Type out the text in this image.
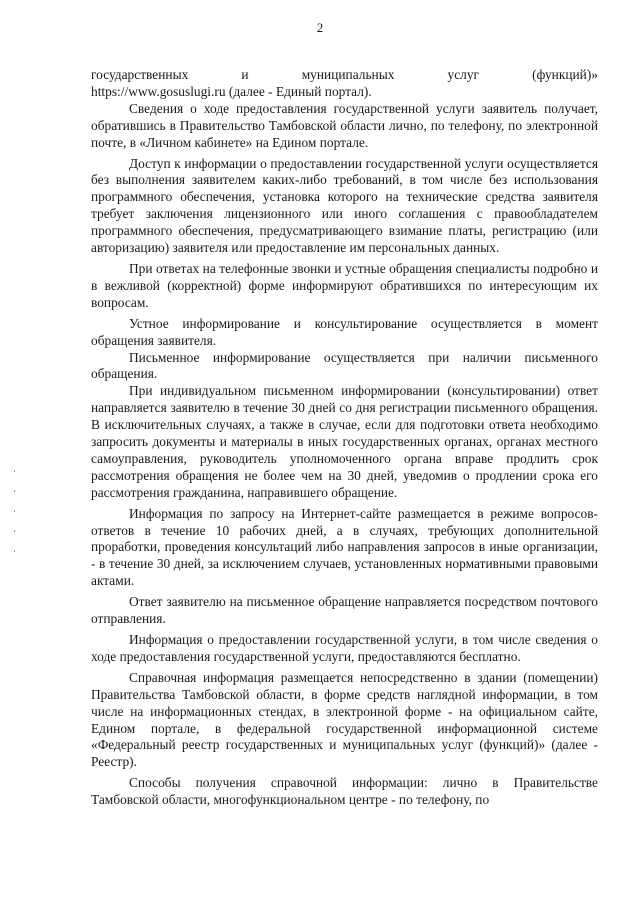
2

государственных и муниципальных услуг (функций)»

https://www.gosuslugi.ru (далее - Единый портал).

Сведения о ходе предоставления государственной услуги заявитель получает, обратившись в Правительство Тамбовской области лично, по телефону, по электронной почте, в «Личном кабинете» на Едином портале.

Доступ к информации о предоставлении государственной услуги осуществляется без выполнения заявителем каких-либо требований, в том числе без использования программного обеспечения, установка которого на технические средства заявителя требует заключения лицензионного или иного соглашения с правообладателем программного обеспечения, предусматривающего взимание платы, регистрацию (или авторизацию) заявителя или предоставление им персональных данных.

При ответах на телефонные звонки и устные обращения специалисты подробно и в вежливой (корректной) форме информируют обратившихся по интересующим их вопросам.

Устное информирование и консультирование осуществляется в момент обращения заявителя.

Письменное информирование осуществляется при наличии письменного обращения.

При индивидуальном письменном информировании (консультировании) ответ направляется заявителю в течение 30 дней со дня регистрации письменного обращения. В исключительных случаях, а также в случае, если для подготовки ответа необходимо запросить документы и материалы в иных государственных органах, органах местного самоуправления, руководитель уполномоченного органа вправе продлить срок рассмотрения обращения не более чем на 30 дней, уведомив о продлении срока его рассмотрения гражданина, направившего обращение.

Информация по запросу на Интернет-сайте размещается в режиме вопросов-ответов в течение 10 рабочих дней, а в случаях, требующих дополнительной проработки, проведения консультаций либо направления запросов в иные организации, - в течение 30 дней, за исключением случаев, установленных нормативными правовыми актами.

Ответ заявителю на письменное обращение направляется посредством почтового отправления.

Информация о предоставлении государственной услуги, в том числе сведения о ходе предоставления государственной услуги, предоставляются бесплатно.

Справочная информация размещается непосредственно в здании (помещении) Правительства Тамбовской области, в форме средств наглядной информации, в том числе на информационных стендах, в электронной форме - на официальном сайте, Едином портале, в федеральной государственной информационной системе «Федеральный реестр государственных и муниципальных услуг (функций)» (далее - Реестр).

Способы получения справочной информации: лично в Правительстве Тамбовской области, многофункциональном центре - по телефону, по
